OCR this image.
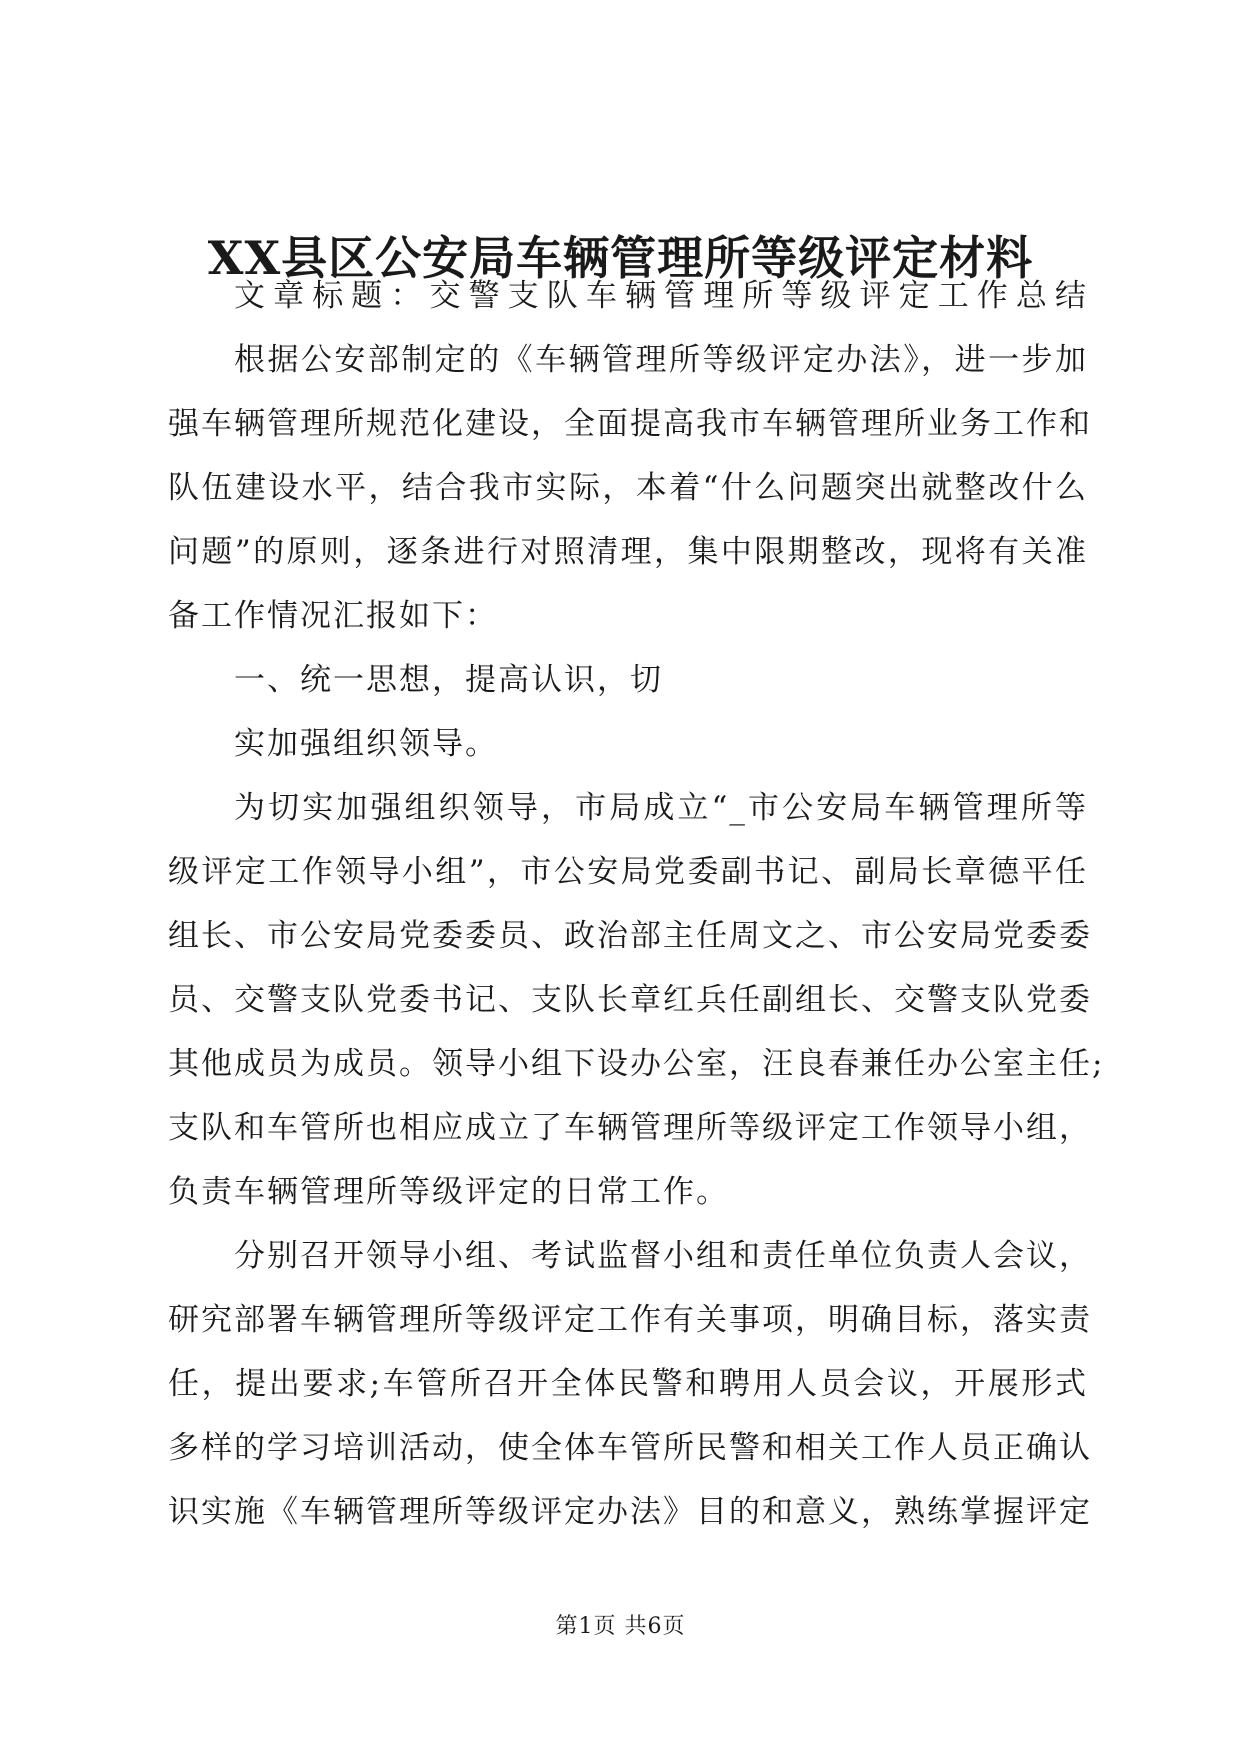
XX县区公安局车辆管理所等级评定材料
文章标题：交警支队车辆管理所等级评定工作总结
根据公安部制定的《车辆管理所等级评定办法》，进一步加
强车辆管理所规范化建设，全面提高我市车辆管理所业务工作和
队伍建设水平，结合我市实际，本着“什么问题突出就整改什么
问题”的原则，逐条进行对照清理，集中限期整改，现将有关准
备工作情况汇报如下：
一、统一思想，提高认识，切
实加强组织领导。
为切实加强组织领导，市局成立“_市公安局车辆管理所等
级评定工作领导小组”，市公安局党委副书记、副局长章德平任
组长、市公安局党委委员、政治部主任周文之、市公安局党委委
员、交警支队党委书记、支队长章红兵任副组长、交警支队党委
其他成员为成员。领导小组下设办公室，汪良春兼任办公室主任;
支队和车管所也相应成立了车辆管理所等级评定工作领导小组，
负责车辆管理所等级评定的日常工作。
分别召开领导小组、考试监督小组和责任单位负责人会议，
研究部署车辆管理所等级评定工作有关事项，明确目标，落实责
任，提出要求;车管所召开全体民警和聘用人员会议，开展形式
多样的学习培训活动，使全体车管所民警和相关工作人员正确认
识实施《车辆管理所等级评定办法》目的和意义，熟练掌握评定
第1页 共6页
